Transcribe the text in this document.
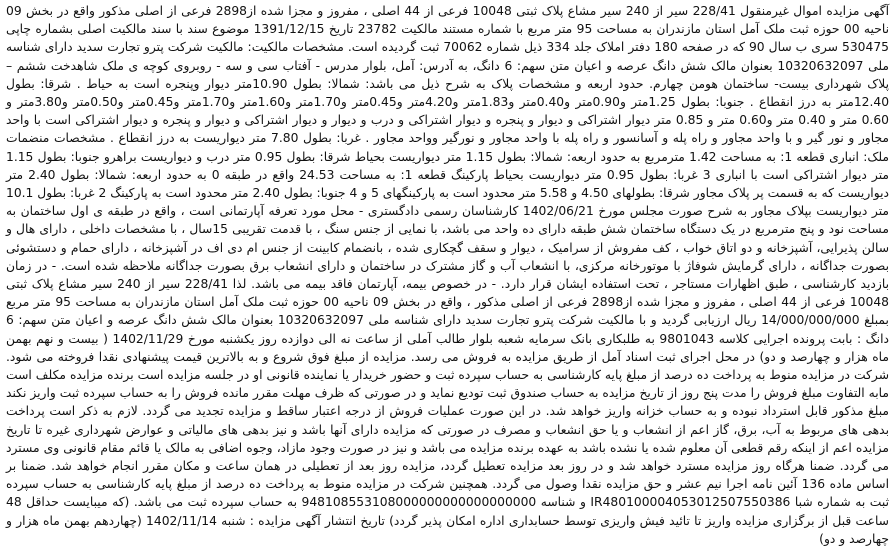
آگهی مزایده اموال غیرمنقول 228/41 سیر از 240 سیر مشاع پلاک ثبتی 10048 فرعی از 44 اصلی ، مفروز و مجزا شده از2898 فرعی از اصلی مذکور واقع در بخش 09 ناحیه 00 حوزه ثبت ملک آمل استان مازندران به مساحت 95 متر مربع با شماره مستند مالکیت 23782 تاریخ 1391/12/15 موضوع سند با سند مالکیت اصلی بشماره چاپی 530475 سری ب سال 90 که در صفحه 180 دفتر املاک جلد 334 ذیل شماره 70062 ثبت گردیده است. مشخصات مالکیت: مالکیت شرکت پترو تجارت سدید دارای شناسه ملی 10320632097 بعنوان مالک شش دانگ عرصه و اعیان متن سهم: 6 دانگ، به آدرس: آمل، بلوار مدرس - آفتاب سی و سه - روبروی کوچه ی ملک شاهدخت ششم – پلاک شهرداری بیست- ساختمان هومن چهارم. حدود اربعه و مشخصات پلاک به شرح ذیل می باشد: شمالا: بطول 10.90متر دیوار وپنجره است به حیاط . شرقا: بطول 12.40متر به درز انقطاع . جنوبا: بطول 1.25متر و0.90متر و0.40متر و1.83متر و4.20متر و0.45متر و1.70متر و1.60متر و1.70متر و0.45متر و0.50متر و3.80متر و 0.60 متر و 0.40 متر و0.60 متر و 0.85 متر دیوار اشتراکی و دیوار و پنجره و دیوار اشتراکی و درب و دیوار و دیوار اشتراکی و دیوار و پنجره و دیوار اشتراکی است با واحد مجاور و نور گیر و با واحد مجاور و راه پله و آسانسور و راه پله با واحد مجاور و نورگیر وواحد مجاور . غربا: بطول 7.80 متر دیواریست به درز انقطاع . مشخصات منضمات ملک: انباری قطعه 1: به مساحت 1.42 مترمربع به حدود اربعه: شمالا: بطول 1.15 متر دیواریست بحیاط شرقا: بطول 0.95 متر درب و دیواریست براهرو جنوبا: بطول 1.15 متر دیوار اشتراکی است با انباری 3 غربا: بطول 0.95 متر دیواریست بحیاط پارکینگ قطعه 1: به مساحت 24.53 واقع در طبقه 0 به حدود اربعه: شمالا: بطول 2.40 متر دیواریست که به قسمت پر پلاک مجاور شرقا: بطولهای 4.50 و 5.58 متر محدود است به پارکینگهای 5 و 4 جنوبا: بطول 2.40 متر محدود است به پارکینگ 2 غربا: بطول 10.1 متر دیواریست بپلاک مجاور به شرح صورت مجلس مورخ 1402/06/21 کارشناسان رسمی دادگستری - محل مورد تعرفه آپارتمانی است ، واقع در طبقه ی اول ساختمان به مساحت نود و پنج مترمربع در یک دستگاه ساختمان شش طبقه دارای ده واحد می باشد، با نمایی از جنس سنگ ، با قدمت تقریبی 15سال ، با مشخصات داخلی ، دارای هال و سالن پذیرایی، آشپزخانه و دو اتاق خواب ، کف مفروش از سرامیک ، دیوار و سقف گچکاری شده ، بانضمام کابینت از جنس ام دی اف در آشپزخانه ، دارای حمام و دستشوئی بصورت جداگانه ، دارای گرمایش شوفاژ با موتورخانه مرکزی، با انشعاب آب و گاز مشترک در ساختمان و دارای انشعاب برق بصورت جداگانه ملاحظه شده است. - در زمان بازدید کارشناسی ، طبق اظهارات مستاجر ، تحت استفاده ایشان قرار دارد. - در خصوص بیمه، آپارتمان فاقد بیمه می باشد. لذا 228/41 سیر از 240 سیر مشاع پلاک ثبتی 10048 فرعی از 44 اصلی ، مفروز و مجزا شده از2898 فرعی از اصلی مذکور ، واقع در بخش 09 ناحیه 00 حوزه ثبت ملک آمل استان مازندران به مساحت 95 متر مربع بمبلغ 14/000/000/000 ریال ارزیابی گردید و با مالکیت شرکت پترو تجارت سدید دارای شناسه ملی 10320632097 بعنوان مالک شش دانگ عرصه و اعیان متن سهم: 6 دانگ : بابت پرونده اجرایی کلاسه 9801043 به طلبکاری بانک سرمایه شعبه بلوار طالب آملی از ساعت نه الی دوازده روز یکشنبه مورخ 1402/11/29 ( بیست و نهم بهمن ماه هزار و چهارصد و دو) در محل اجرای ثبت اسناد آمل از طریق مزایده به فروش می رسد. مزایده از مبلغ فوق شروع و به بالاترین قیمت پیشنهادی نقدا فروخته می شود. شرکت در مزایده منوط به پرداخت ده درصد از مبلغ پایه کارشناسی به حساب سپرده ثبت و حضور خریدار یا نماینده قانونی او در جلسه مزایده است برنده مزایده مکلف است مابه التفاوت مبلغ فروش را مدت پنج روز از تاریخ مزایده به حساب صندوق ثبت تودیع نماید و در صورتی که ظرف مهلت مقرر مانده فروش را به حساب سپرده ثبت واریز نکند مبلغ مذکور قابل استرداد نبوده و به حساب خزانه واریز خواهد شد. در این صورت عملیات فروش از درجه اعتبار ساقط و مزایده تجدید می گردد. لازم به ذکر است پرداخت بدهی های مربوط به آب، برق، گاز اعم از انشعاب و یا حق انشعاب و مصرف در صورتی که مزایده دارای آنها باشد و نیز بدهی های مالیاتی و عوارض شهرداری غیره تا تاریخ مزایده اعم از اینکه رقم قطعی آن معلوم شده یا نشده باشد به عهده برنده مزایده می باشد و نیز در صورت وجود مازاد، وجوه اضافی به مالک یا قائم مقام قانونی وی مسترد می گردد. ضمنا هرگاه روز مزایده مسترد خواهد شد و در روز بعد مزایده تعطیل گردد، مزایده روز بعد از تعطیلی در همان ساعت و مکان مقرر انجام خواهد شد. ضمنا بر اساس ماده 136 آئین نامه اجرا نیم عشر و حق مزایده نقدا وصول می گردد. همچنین شرکت در مزایده منوط به پرداخت ده درصد از مبلغ پایه کارشناسی به حساب سپرده ثبت به شماره شبا IR480100004053012507550386 و شناسه 948108553108000000000000000000 به حساب سپرده ثبت می باشد. (که میبایست حداقل 48 ساعت قبل از برگزاری مزایده واریز تا تائید فیش واریزی توسط حسابداری اداره امکان پذیر گردد) تاریخ انتشار آگهی مزایده : شنبه 1402/11/14 (چهاردهم بهمن ماه هزار و چهارصد و دو)
